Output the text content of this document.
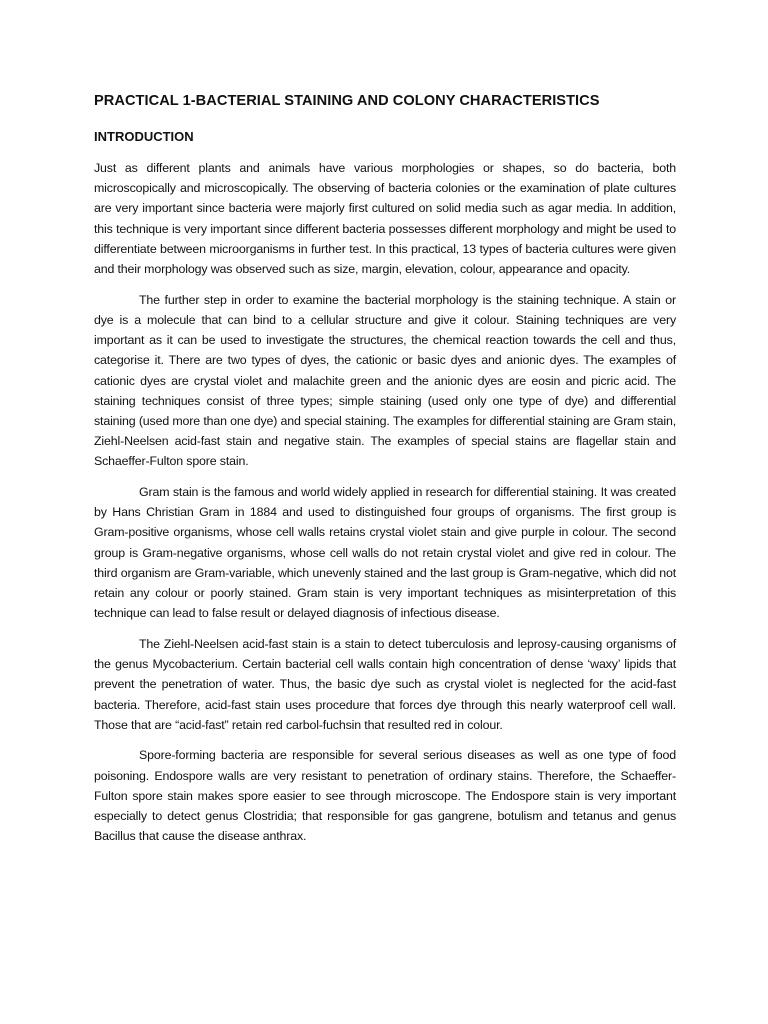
PRACTICAL 1-BACTERIAL STAINING AND COLONY CHARACTERISTICS
INTRODUCTION

Just as different plants and animals have various morphologies or shapes, so do bacteria, both microscopically and microscopically. The observing of bacteria colonies or the examination of plate cultures are very important since bacteria were majorly first cultured on solid media such as agar media. In addition, this technique is very important since different bacteria possesses different morphology and might be used to differentiate between microorganisms in further test. In this practical, 13 types of bacteria cultures were given and their morphology was observed such as size, margin, elevation, colour, appearance and opacity.

The further step in order to examine the bacterial morphology is the staining technique. A stain or dye is a molecule that can bind to a cellular structure and give it colour. Staining techniques are very important as it can be used to investigate the structures, the chemical reaction towards the cell and thus, categorise it. There are two types of dyes, the cationic or basic dyes and anionic dyes. The examples of cationic dyes are crystal violet and malachite green and the anionic dyes are eosin and picric acid. The staining techniques consist of three types; simple staining (used only one type of dye) and differential staining (used more than one dye) and special staining. The examples for differential staining are Gram stain, Ziehl-Neelsen acid-fast stain and negative stain. The examples of special stains are flagellar stain and Schaeffer-Fulton spore stain.

Gram stain is the famous and world widely applied in research for differential staining. It was created by Hans Christian Gram in 1884 and used to distinguished four groups of organisms. The first group is Gram-positive organisms, whose cell walls retains crystal violet stain and give purple in colour. The second group is Gram-negative organisms, whose cell walls do not retain crystal violet and give red in colour. The third organism are Gram-variable, which unevenly stained and the last group is Gram-negative, which did not retain any colour or poorly stained. Gram stain is very important techniques as misinterpretation of this technique can lead to false result or delayed diagnosis of infectious disease.

The Ziehl-Neelsen acid-fast stain is a stain to detect tuberculosis and leprosy-causing organisms of the genus Mycobacterium. Certain bacterial cell walls contain high concentration of dense ‘waxy’ lipids that prevent the penetration of water. Thus, the basic dye such as crystal violet is neglected for the acid-fast bacteria. Therefore, acid-fast stain uses procedure that forces dye through this nearly waterproof cell wall. Those that are “acid-fast” retain red carbol-fuchsin that resulted red in colour.

Spore-forming bacteria are responsible for several serious diseases as well as one type of food poisoning. Endospore walls are very resistant to penetration of ordinary stains. Therefore, the Schaeffer-Fulton spore stain makes spore easier to see through microscope. The Endospore stain is very important especially to detect genus Clostridia; that responsible for gas gangrene, botulism and tetanus and genus Bacillus that cause the disease anthrax.
